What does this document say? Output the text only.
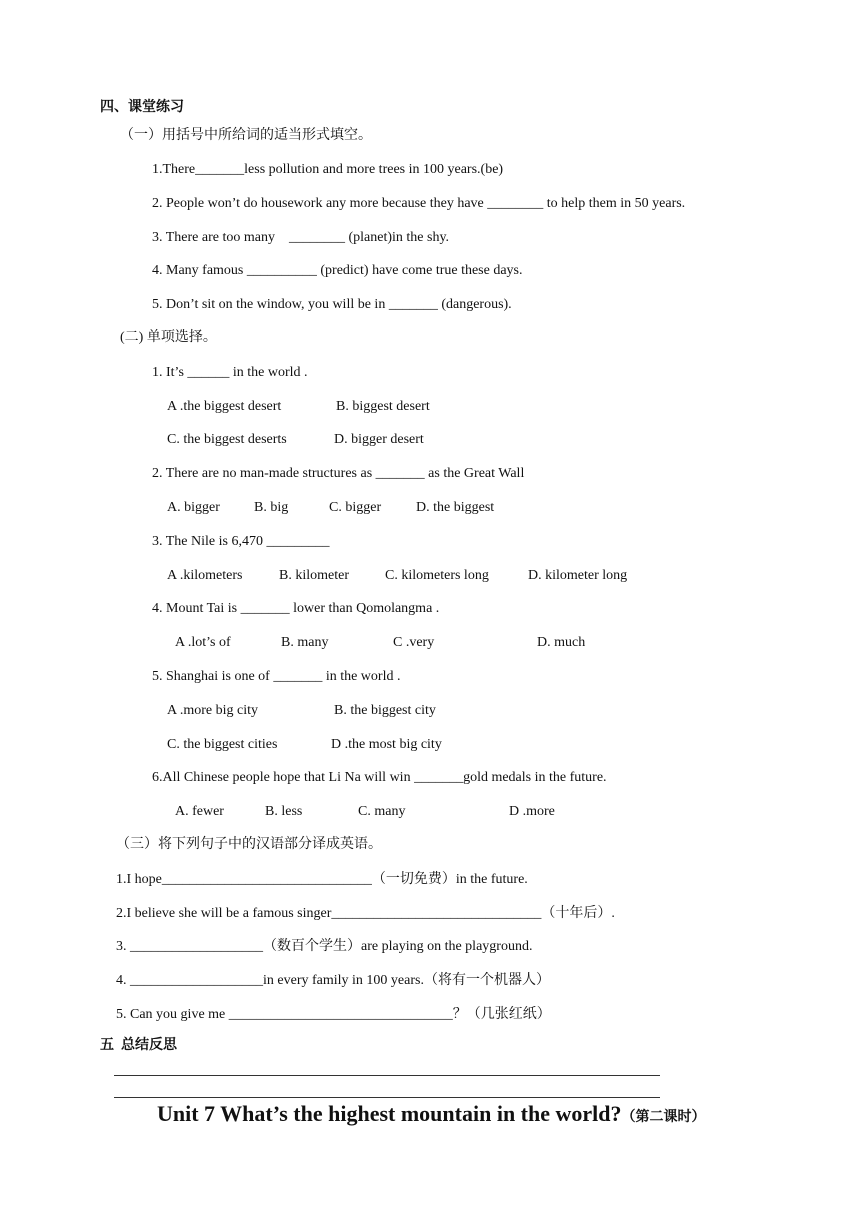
四、课堂练习
（一）用括号中所给词的适当形式填空。
1.There_______less pollution and more trees in 100 years.(be)
2. People won’t do housework any more because they have ________ to help them in 50 years.
3. There are too many    ________ (planet)in the shy.
4. Many famous __________ (predict) have come true these days.
5. Don’t sit on the window, you will be in _______ (dangerous).
(二) 单项选择。
1. It’s ______ in the world .
A .the biggest desert	B. biggest desert
C. the biggest deserts	D. bigger desert
2. There are no man-made structures as _______ as the Great Wall
A. bigger B. big	C. bigger D. the biggest
3. The Nile is 6,470 _________
A .kilometers	B. kilometer	C. kilometers long	D. kilometer long
4. Mount Tai is _______ lower than Qomolangma .
A .lot’s of	B. many	C .very	D. much
5. Shanghai is one of _______ in the world .
A .more big city	B. the biggest city
C. the biggest cities	D .the most big city
6.All Chinese people hope that Li Na will win _______gold medals in the future.
A. fewer	B. less	C. many	D .more
（三）将下列句子中的汉语部分译成英语。
1.I hope______________________________（一切免费）in the future.
2.I believe she will be a famous singer______________________________（十年后）.
3. ___________________（数百个学生）are playing on the playground.
4. ___________________in every family in 100 years.（将有一个机器人）
5. Can you give me ________________________________？（几张红纸）
五  总结反思
Unit 7 What’s the highest mountain in the world?（第二课时）
